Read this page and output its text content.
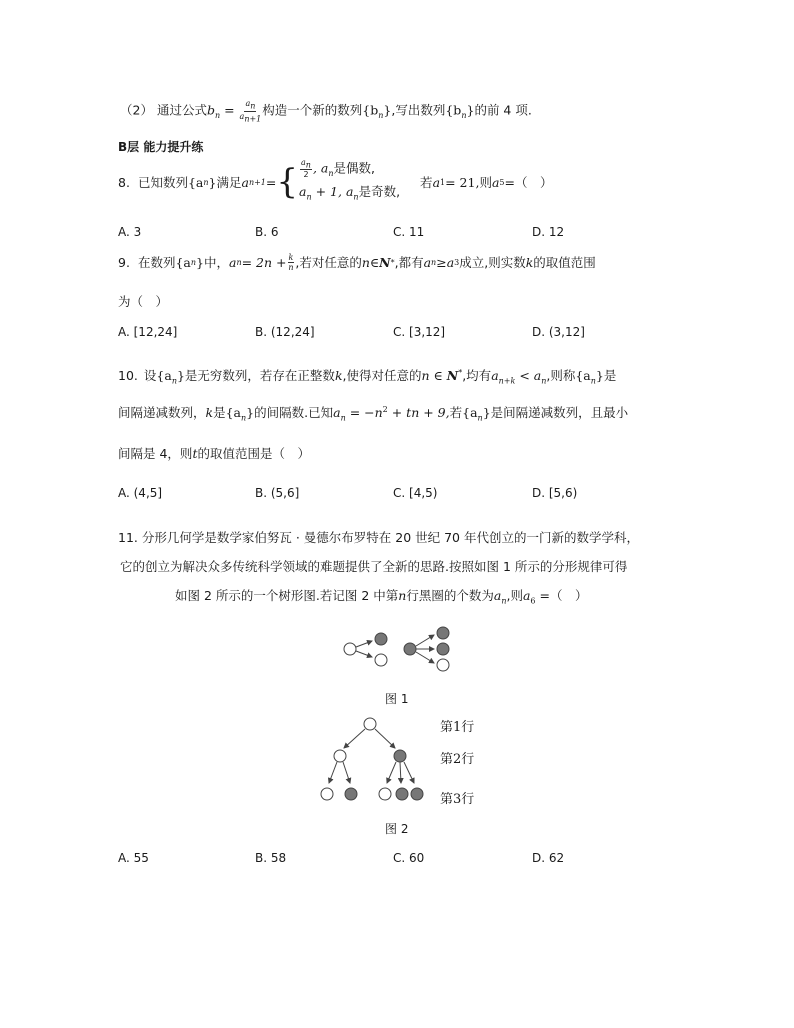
（2） 通过公式$b_n = \frac{a_n}{a_{n+1}}$ 构造一个新的数列$\{b_n\}$,写出数列$\{b_n\}$的前 4 项.
B层 能力提升练
8. 已知数列 {a n } 满足 a n+1 = { $\frac{a_n}{2}$ , $a_n$是偶数,
$a_n + 1$, $a_n$是奇数,
若 a 1 = 21, 则 a 5 =（　）
A. 3	B. 6	C. 11	D. 12
9. 在数列 {a n } 中， a $n = 2n + \frac{k}{n}$ ,若对任意的 n ∈ N * ,都有 a n ≥ a 3 成立,则实数 k 的取值范围
为（　）
A. [12,24]	B. (12,24]	C. [3,12]	D. (3,12]
10. 设$\{a_n\}$是无穷数列，若存在正整数k,使得对任意的n ∈ N*,均有$a_{n+k} < a_n$,则称$\{a_n\}$是
间隔递减数列，k是$\{a_n\}$的间隔数.已知$a_n = -n^2$ + tn + 9,若$\{a_n\}$是间隔递减数列，且最小
间隔是 4，则t的取值范围是（　）
A. (4,5]	B. (5,6]	C. [4,5)	D. [5,6)
11. 分形几何学是数学家伯努瓦 · 曼德尔布罗特在 20 世纪 70 年代创立的一门新的数学学科，
它的创立为解决众多传统科学领域的难题提供了全新的思路.按照如图 1 所示的分形规律可得
如图 2 所示的一个树形图.若记图 2 中第n行黑圈的个数为$a_n$,则$a_6$ =（　）
图 1
第1行
第2行
第3行
图 2
A. 55	B. 58	C. 60	D. 62
